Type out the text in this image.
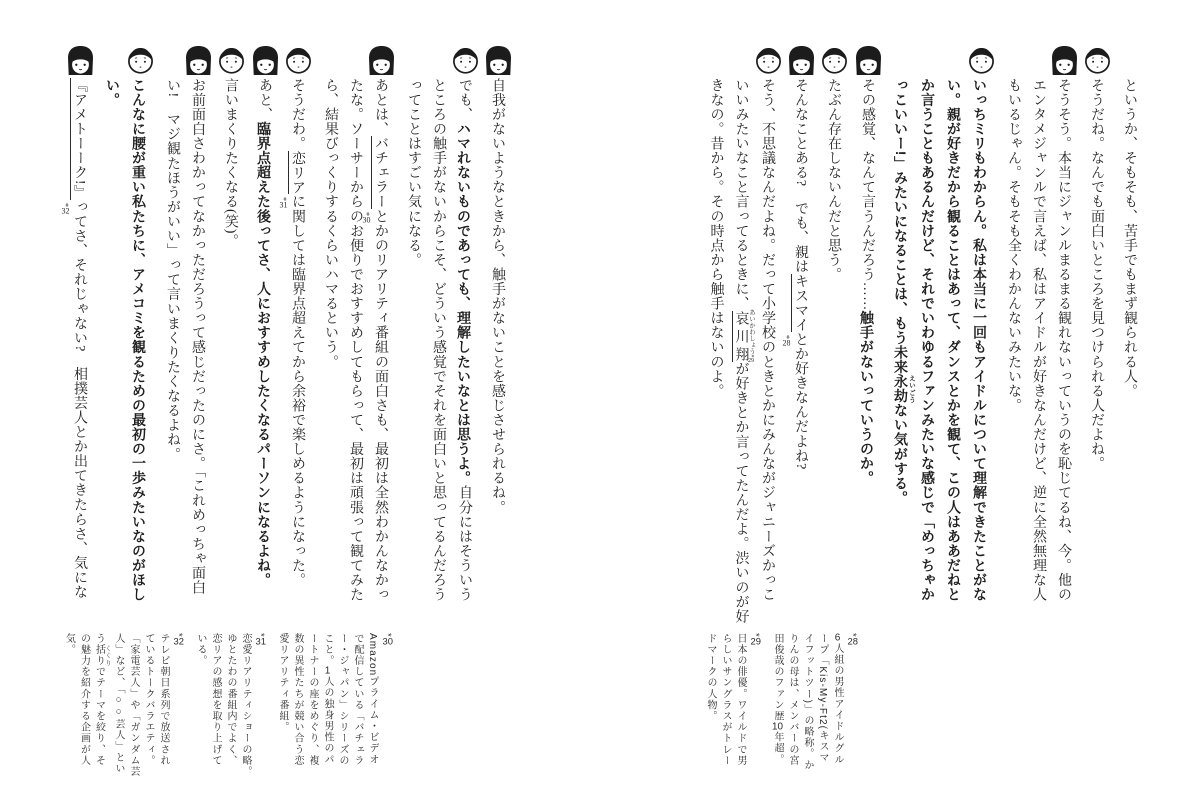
というか、そもそも、苦手でもまず観られる人。
そうだね。なんでも面白いところを見つけられる人だよね。
そうそう。本当にジャンルまるまる観れないっていうのを恥じてるね、今。他の
エンタメジャンルで言えば、私はアイドルが好きなんだけど、逆に全然無理な人
もいるじゃん。そもそも全くわかんないみたいな。
いっちミリもわからん。私は本当に一回もアイドルについて理解できたことがな
い。親が好きだから観ることはあって、ダンスとかを観て、この人はああだねと
か言うこともあるんだけど、それでいわゆるファンみたいな感じで「めっちゃか
っこいいー!」みたいになることは、もう未来永劫 えいごうない気がする。
その感覚、なんて言うんだろう……触手がないっていうのか。
たぶん存在しないんだと思う。
そんなことある?　でも、親はキスマイ
*28 とか好きなんだよね?
そう、不思議なんだよね。だって小学校のときとかにみんながジャニーズかっこ
いいみたいなこと言ってるときに、哀川翔 あいかわしょう*29が好きとか言ってたんだよ。渋いのが好
きなの。昔から。その時点から触手はないのよ。
自我がないようなときから、触手がないことを感じさせられるね。
でも、ハマれないものであっても、理解したいなとは思うよ。自分にはそういう
ところの触手がないからこそ、どういう感覚でそれを面白いと思ってるんだろう
ってことはすごい気になる。
あとは、バチェラー
*30 とかのリアリティ番組の面白さも、最初は全然わかんなかっ
たな。ソーサーからのお便りでおすすめしてもらって、最初は頑張って観てみた
ら、結果びっくりするくらいハマるという。
そうだわ。恋リア
*31 に関しては臨界点超えてから余裕で楽しめるようになった。
あと、臨界点超えた後ってさ、人におすすめしたくなるパーソンになるよね。
言いまくりたくなる(笑)。
お前面白さわかってなかっただろうって感じだったのにさ。「これめっちゃ面白
い!　マジ観たほうがいい」って言いまくりたくなるよね。
こんなに腰が重い私たちに、アメコミを観るための最初の一歩みたいなのがほし
い。
『アメトーーク!』
*32 ってさ、それじゃない?　相撲芸人とか出てきたらさ、気にな
*28
6人組の男性アイドルグル
ープ「Kis-My-Ft2(キスマ
イフットツー)」の略称。か
りんの母は、メンバーの宮
田俊哉のファン歴10年超。
*29
日本の俳優。ワイルドで男
らしいサングラスがトレー
ドマークの人物。
*30
Amazonプライム・ビデオ
で配信している「バチェラ
ー・ジャパン」シリーズの
こと。1人の独身男性のパ
ートナーの座をめぐり、複
数の異性たちが競い合う恋
愛リアリティ番組。
*31
恋愛リアリティショーの略。
ゆとたわの番組内でよく、
恋リアの感想を取り上げて
いる。
*32
テレビ朝日系列で放送され
ているトークバラエティ。
「家電芸人」や「ガンダム芸
人」など、「○○芸人」とい
う括り くくりでテーマを絞り、そ
の魅力を紹介する企画が人
気。
